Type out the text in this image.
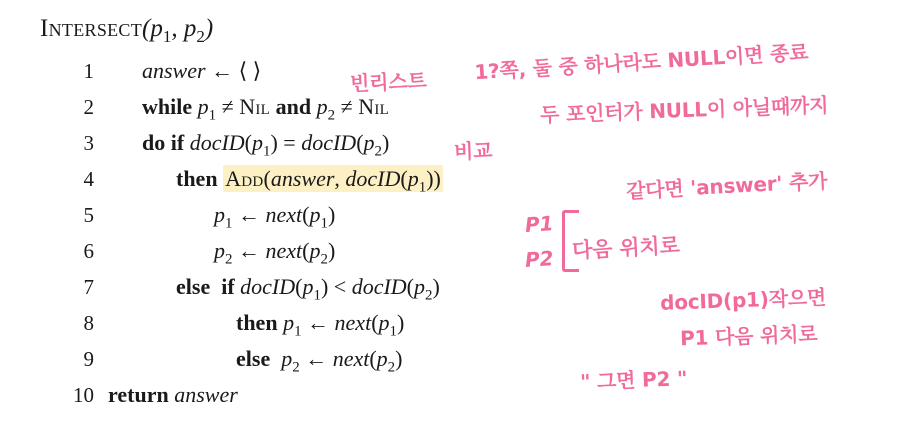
$Intersect(p_1$, $p_2$)
1	answer ← ⟨ ⟩
2	while $p_1$ ≠ Nil and $p_2$ ≠ Nil
3	do if $docID(p_1)$ = $docID(p_2)$
4	then Add(answer, $docID(p_1)$)
5	$p_1$ ← $next(p_1)$
6	$p_2$ ← $next(p_2)$
7	else if $docID(p_1)$ < $docID(p_2)$
8	then $p_1$ ← $next(p_1)$
9	else $p_2$ ← $next(p_2)$
10 return answer
빈리스트 1?쪽, 둘 중 하나라도 NULL이면 종료
두 포인터가 NULL이 아닐때까지
비교
같다면 'answer' 추가
P1
P2 다음 위치로
docID(p1)작으면
P1 다음 위치로
" 그면 P2 "
